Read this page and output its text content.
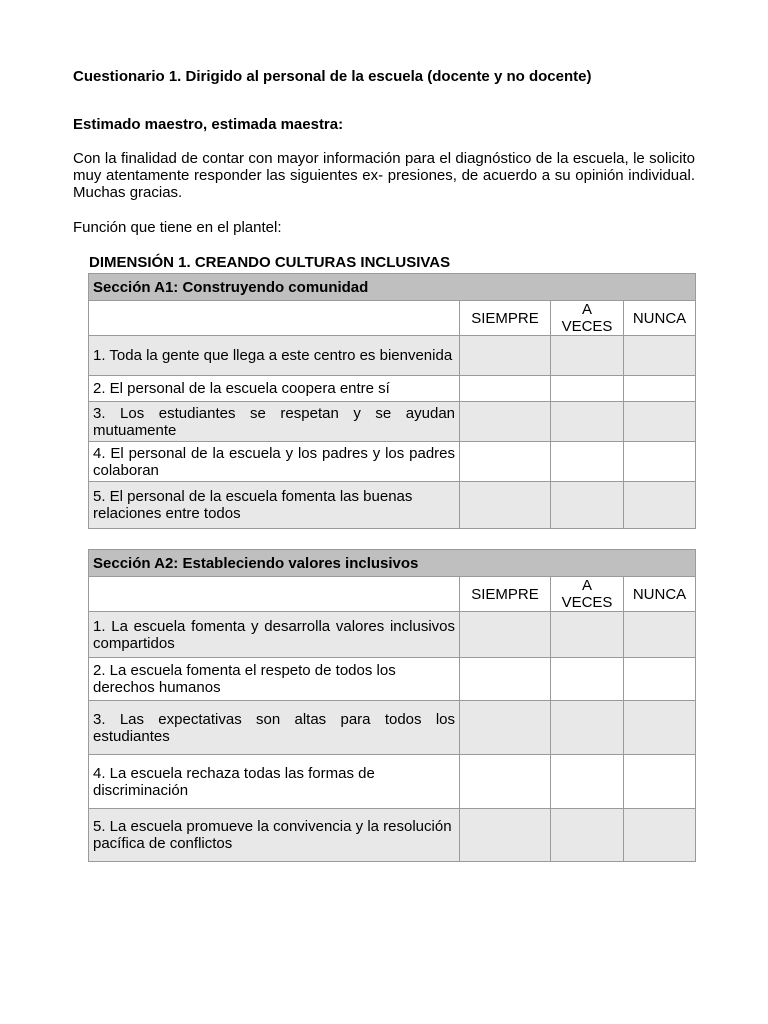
Cuestionario 1. Dirigido al personal de la escuela (docente y no docente)

Estimado maestro, estimada maestra:

Con la finalidad de contar con mayor información para el diagnóstico de la escuela, le solicito muy atentamente responder las siguientes ex- presiones, de acuerdo a su opinión individual. Muchas gracias.

Función que tiene en el plantel:

DIMENSIÓN 1. CREANDO CULTURAS INCLUSIVAS
Sección A1: Construyendo comunidad			
	SIEMPRE	A VECES	NUNCA
1. Toda la gente que llega a este centro es bienvenida			
2. El personal de la escuela coopera entre sí			
3. Los estudiantes se respetan y se ayudan mutuamente			
4. El personal de la escuela y los padres y los padres colaboran			
5. El personal de la escuela fomenta las buenas relaciones entre todos			
Sección A2: Estableciendo valores inclusivos			
	SIEMPRE	A VECES	NUNCA
1. La escuela fomenta y desarrolla valores inclusivos compartidos			
2. La escuela fomenta el respeto de todos los derechos humanos			
3. Las expectativas son altas para todos los estudiantes			
4. La escuela rechaza todas las formas de discriminación			
5. La escuela promueve la convivencia y la resolución pacífica de conflictos			
